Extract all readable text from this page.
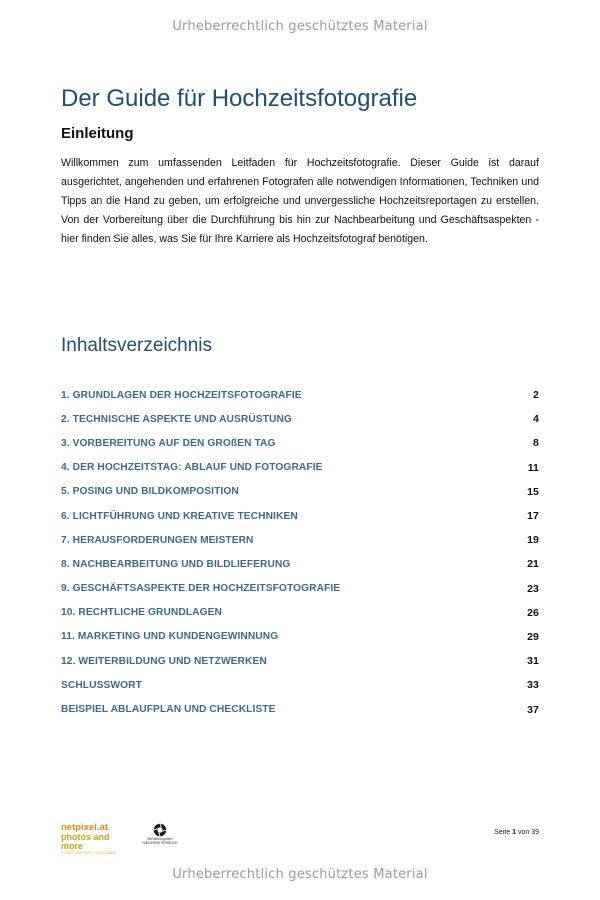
Urheberrechtlich geschütztes Material
Der Guide für Hochzeitsfotografie
Einleitung

Willkommen zum umfassenden Leitfaden für Hochzeitsfotografie. Dieser Guide ist darauf ausgerichtet, angehenden und erfahrenen Fotografen alle notwendigen Informationen, Techniken und Tipps an die Hand zu geben, um erfolgreiche und unvergessliche Hochzeitsreportagen zu erstellen. Von der Vorbereitung über die Durchführung bis hin zur Nachbearbeitung und Geschäftsaspekten - hier finden Sie alles, was Sie für Ihre Karriere als Hochzeitsfotograf benötigen.

Inhaltsverzeichnis
1. GRUNDLAGEN DER HOCHZEITSFOTOGRAFIE	2
2. TECHNISCHE ASPEKTE UND AUSRÜSTUNG	4
3. VORBEREITUNG AUF DEN GROßEN TAG	8
4. DER HOCHZEITSTAG: ABLAUF UND FOTOGRAFIE	11
5. POSING UND BILDKOMPOSITION	15
6. LICHTFÜHRUNG UND KREATIVE TECHNIKEN	17
7. HERAUSFORDERUNGEN MEISTERN	19
8. NACHBEARBEITUNG UND BILDLIEFERUNG	21
9. GESCHÄFTSASPEKTE DER HOCHZEITSFOTOGRAFIE	23
10. RECHTLICHE GRUNDLAGEN	26
11. MARKETING UND KUNDENGEWINNUNG	29
12. WEITERBILDUNG UND NETZWERKEN	31
SCHLUSSWORT	33
BEISPIEL ABLAUFPLAN UND CHECKLISTE	37
netpixel.at
photos and more
S + N STUDIO UND FOTOGRAFIE
Berufsfotografen
NIEDERÖSTERREICH
Seite 1 von 39
Urheberrechtlich geschütztes Material
